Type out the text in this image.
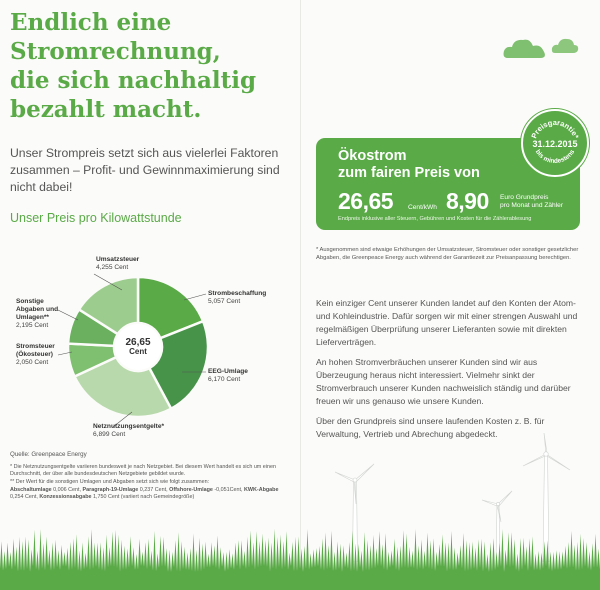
Endlich eine
Stromrechnung,
die sich nachhaltig
bezahlt macht.
Unser Strompreis setzt sich aus vielerlei Faktoren zusammen – Profit- und Gewinnmaximierung sind nicht dabei!
Unser Preis pro Kilowattstunde
26,65
Cent
Strombeschaffung
5,057 Cent
EEG-Umlage
6,170 Cent
Netznutzungsentgelte*
6,899 Cent
Stromsteuer
(Ökosteuer)
2,050 Cent
Sonstige
Abgaben und
Umlagen**
2,195 Cent
Umsatzsteuer
4,255 Cent
Quelle: Greenpeace Energy

* Die Netznutzungsentgelte variieren bundesweit je nach Netzgebiet. Bei diesem Wert handelt es sich um einen Durchschnitt, der über alle bundesdeutschen Netzgebiete gebildet wurde.

** Der Wert für die sonstigen Umlagen und Abgaben setzt sich wie folgt zusammen:
Abschaltumlage 0,006 Cent, Paragraph-19-Umlage 0,237 Cent, Offshore-Umlage -0,051Cent, KWK-Abgabe 0,254 Cent, Konzessionsabgabe 1,750 Cent (variiert nach Gemeindegröße)

Ökostrom
zum fairen Preis von
26,65 Cent/kWh 8,90 Euro Grundpreis
pro Monat und Zähler
Endpreis inklusive aller Steuern, Gebühren und Kosten für die Zählerablesung
Preisgarantie*
31.12.2015
bis mindestens
* Ausgenommen sind etwaige Erhöhungen der Umsatzsteuer, Stromsteuer oder sonstiger gesetzlicher Abgaben, die Greenpeace Energy auch während der Garantiezeit zur Preisanpassung berechtigen.

Kein einziger Cent unserer Kunden landet auf den Konten der Atom- und Kohleindustrie. Dafür sorgen wir mit einer strengen Auswahl und regelmäßigen Überprüfung unserer Lieferanten sowie mit direkten Lieferverträgen.

An hohen Stromverbräuchen unserer Kunden sind wir aus Überzeugung heraus nicht interessiert. Vielmehr sinkt der Stromverbrauch unserer Kunden nachweislich ständig und darüber freuen wir uns genauso wie unsere Kunden.

Über den Grundpreis sind unsere laufenden Kosten z. B. für Verwaltung, Vertrieb und Abrechung abgedeckt.
